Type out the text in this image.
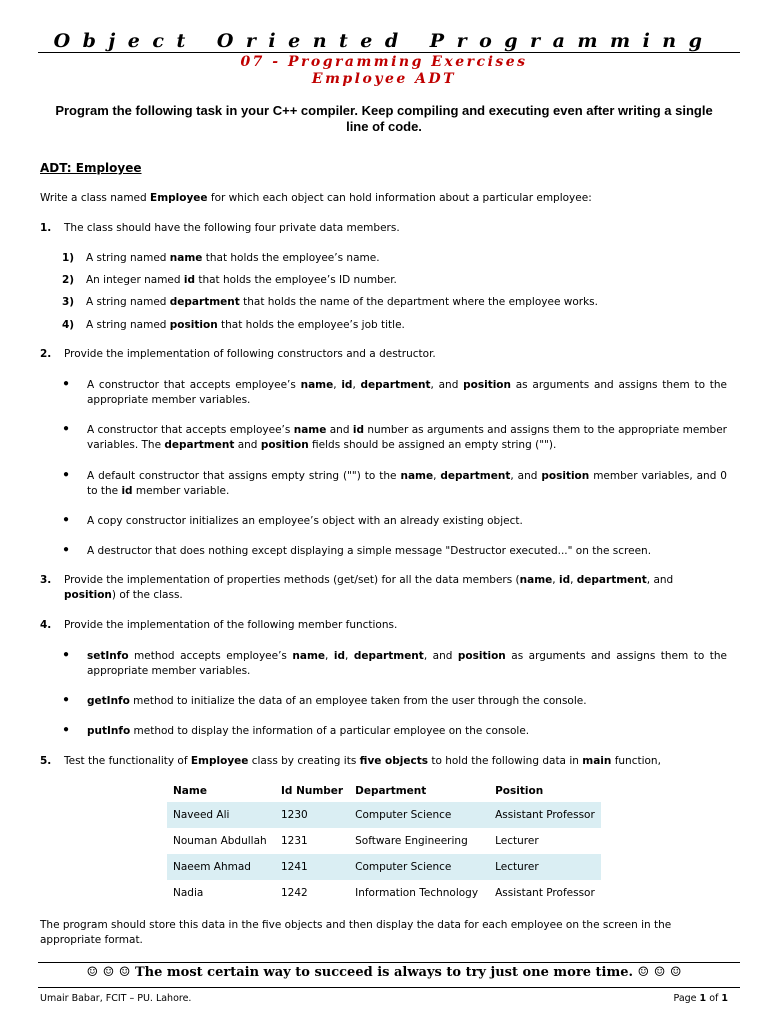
Object Oriented Programming
07 - Programming Exercises
Employee ADT
Program the following task in your C++ compiler. Keep compiling and executing even after writing a single line of code.
ADT: Employee
Write a class named Employee for which each object can hold information about a particular employee:
1.	The class should have the following four private data members.
1)	A string named name that holds the employee’s name.
2)	An integer named id that holds the employee’s ID number.
3)	A string named department that holds the name of the department where the employee works.
4)	A string named position that holds the employee’s job title.
2.	Provide the implementation of following constructors and a destructor.
● A constructor that accepts employee’s name, id, department, and position as arguments and assigns them to the appropriate member variables.
● A constructor that accepts employee’s name and id number as arguments and assigns them to the appropriate member variables. The department and position fields should be assigned an empty string ("").
● A default constructor that assigns empty string ("") to the name, department, and position member variables, and 0 to the id member variable.
● A copy constructor initializes an employee’s object with an already existing object.
● A destructor that does nothing except displaying a simple message "Destructor executed..." on the screen.
3.	Provide the implementation of properties methods (get/set) for all the data members (name, id, department, and position) of the class.
4.	Provide the implementation of the following member functions.
● setInfo method accepts employee’s name, id, department, and position as arguments and assigns them to the appropriate member variables.
● getInfo method to initialize the data of an employee taken from the user through the console.
● putInfo method to display the information of a particular employee on the console.
5.	Test the functionality of Employee class by creating its five objects to hold the following data in main function,
Name	Id Number	Department	Position
Naveed Ali	1230	Computer Science	Assistant Professor
Nouman Abdullah	1231	Software Engineering	Lecturer
Naeem Ahmad	1241	Computer Science	Lecturer
Nadia	1242	Information Technology	Assistant Professor
The program should store this data in the five objects and then display the data for each employee on the screen in the appropriate format.
☺ ☺ ☺ The most certain way to succeed is always to try just one more time. ☺ ☺ ☺
Umair Babar, FCIT – PU. Lahore.	Page 1 of 1
